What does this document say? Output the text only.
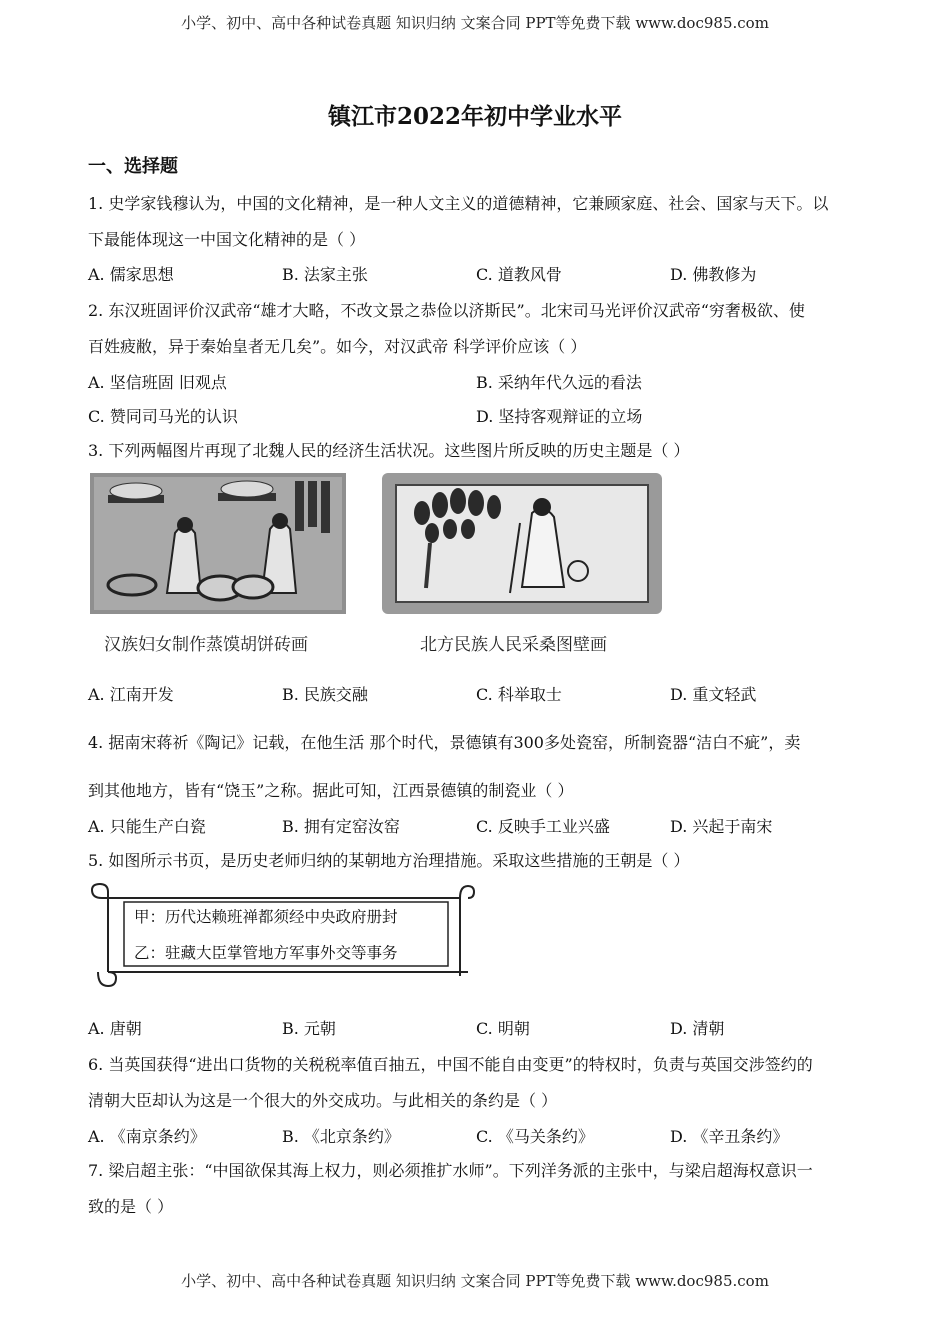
小学、初中、高中各种试卷真题 知识归纳 文案合同 PPT等免费下载 www.doc985.com
镇江市2022年初中学业水平
一、选择题
1. 史学家钱穆认为，中国的文化精神，是一种人文主义的道德精神，它兼顾家庭、社会、国家与天下。以
下最能体现这一中国文化精神的是（ ）
A. 儒家思想	B. 法家主张	C. 道教风骨	D. 佛教修为
2. 东汉班固评价汉武帝“雄才大略，不改文景之恭俭以济斯民”。北宋司马光评价汉武帝“穷奢极欲、使
百姓疲敝，异于秦始皇者无几矣”。如今，对汉武帝 科学评价应该（ ）
A. 坚信班固 旧观点	B. 采纳年代久远的看法
C. 赞同司马光的认识	D. 坚持客观辩证的立场
3. 下列两幅图片再现了北魏人民的经济生活状况。这些图片所反映的历史主题是（ ）
汉族妇女制作蒸馍胡饼砖画	北方民族人民采桑图壁画
A. 江南开发	B. 民族交融	C. 科举取士	D. 重文轻武
4. 据南宋蒋祈《陶记》记载，在他生活 那个时代，景德镇有300多处瓷窑，所制瓷器“洁白不疵”，卖
到其他地方，皆有“饶玉”之称。据此可知，江西景德镇的制瓷业（ ）
A. 只能生产白瓷	B. 拥有定窑汝窑	C. 反映手工业兴盛	D. 兴起于南宋
5. 如图所示书页，是历史老师归纳的某朝地方治理措施。采取这些措施的王朝是（ ）
甲：历代达赖班禅都须经中央政府册封
乙：驻藏大臣掌管地方军事外交等事务
A. 唐朝	B. 元朝	C. 明朝	D. 清朝
6. 当英国获得“进出口货物的关税税率值百抽五，中国不能自由变更”的特权时，负责与英国交涉签约的
清朝大臣却认为这是一个很大的外交成功。与此相关的条约是（ ）
A. 《南京条约》	B. 《北京条约》	C. 《马关条约》	D. 《辛丑条约》
7. 梁启超主张：“中国欲保其海上权力，则必须推扩水师”。下列洋务派的主张中，与梁启超海权意识一
致的是（ ）
小学、初中、高中各种试卷真题 知识归纳 文案合同 PPT等免费下载 www.doc985.com
